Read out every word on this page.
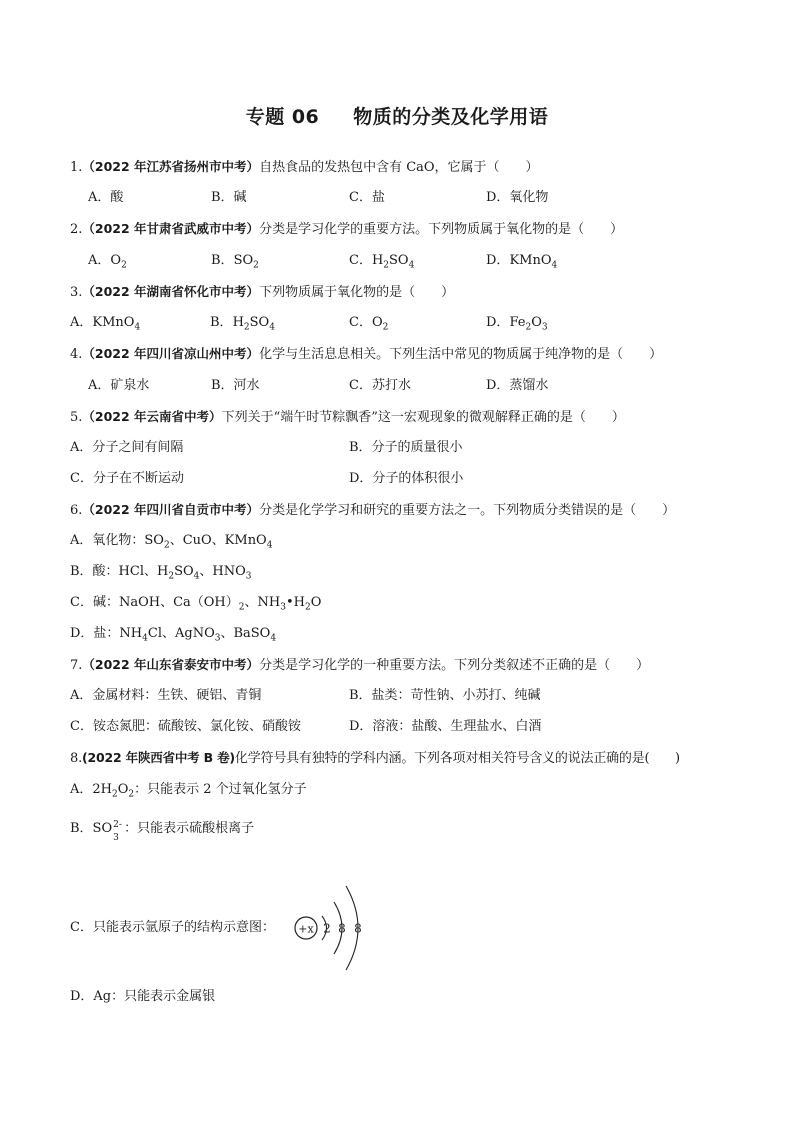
专题 06 物质的分类及化学用语
1.（2022 年江苏省扬州市中考）自热食品的发热包中含有 CaO，它属于（　　）
A．酸	B．碱	C．盐	D．氧化物
2.（2022 年甘肃省武威市中考）分类是学习化学的重要方法。下列物质属于氧化物的是（　　）
A．$O_2$	B．$SO_2$	C．$H_2SO_4$	D．KMnO$_4$
3.（2022 年湖南省怀化市中考）下列物质属于氧化物的是（　　）
A．KMnO$_4$	B．$H_2SO_4$	C．$O_2$	D．$Fe_2O_3$
4.（2022 年四川省凉山州中考）化学与生活息息相关。下列生活中常见的物质属于纯净物的是（　　）
A．矿泉水	B．河水	C．苏打水	D．蒸馏水
5.（2022 年云南省中考）下列关于“端午时节粽飘香”这一宏观现象的微观解释正确的是（　　）
A．分子之间有间隔	B．分子的质量很小
C．分子在不断运动	D．分子的体积很小
6.（2022 年四川省自贡市中考）分类是化学学习和研究的重要方法之一。下列物质分类错误的是（　　）
A．氧化物：$SO_2$、CuO、KMnO$_4$
B．酸：HCl、$H_2SO_4$、$HNO_3$
C．碱：NaOH、$Ca(OH)_2$、$NH_3•H_2O$
D．盐：$NH_4Cl$、AgNO$_3$、BaSO$_4$
7.（2022 年山东省泰安市中考）分类是学习化学的一种重要方法。下列分类叙述不正确的是（　　）
A．金属材料：生铁、硬铝、青铜	B．盐类：苛性钠、小苏打、纯碱
C．铵态氮肥：硫酸铵、氯化铵、硝酸铵	D．溶液：盐酸、生理盐水、白酒
8.(2022 年陕西省中考 B 卷)化学符号具有独特的学科内涵。下列各项对相关符号含义的说法正确的是(　　)
A．$2H_2O_2$：只能表示 2 个过氧化氢分子
B．SO 2-
3
：只能表示硫酸根离子
C．只能表示氩原子的结构示意图： +x 2 8 8
D．Ag：只能表示金属银
